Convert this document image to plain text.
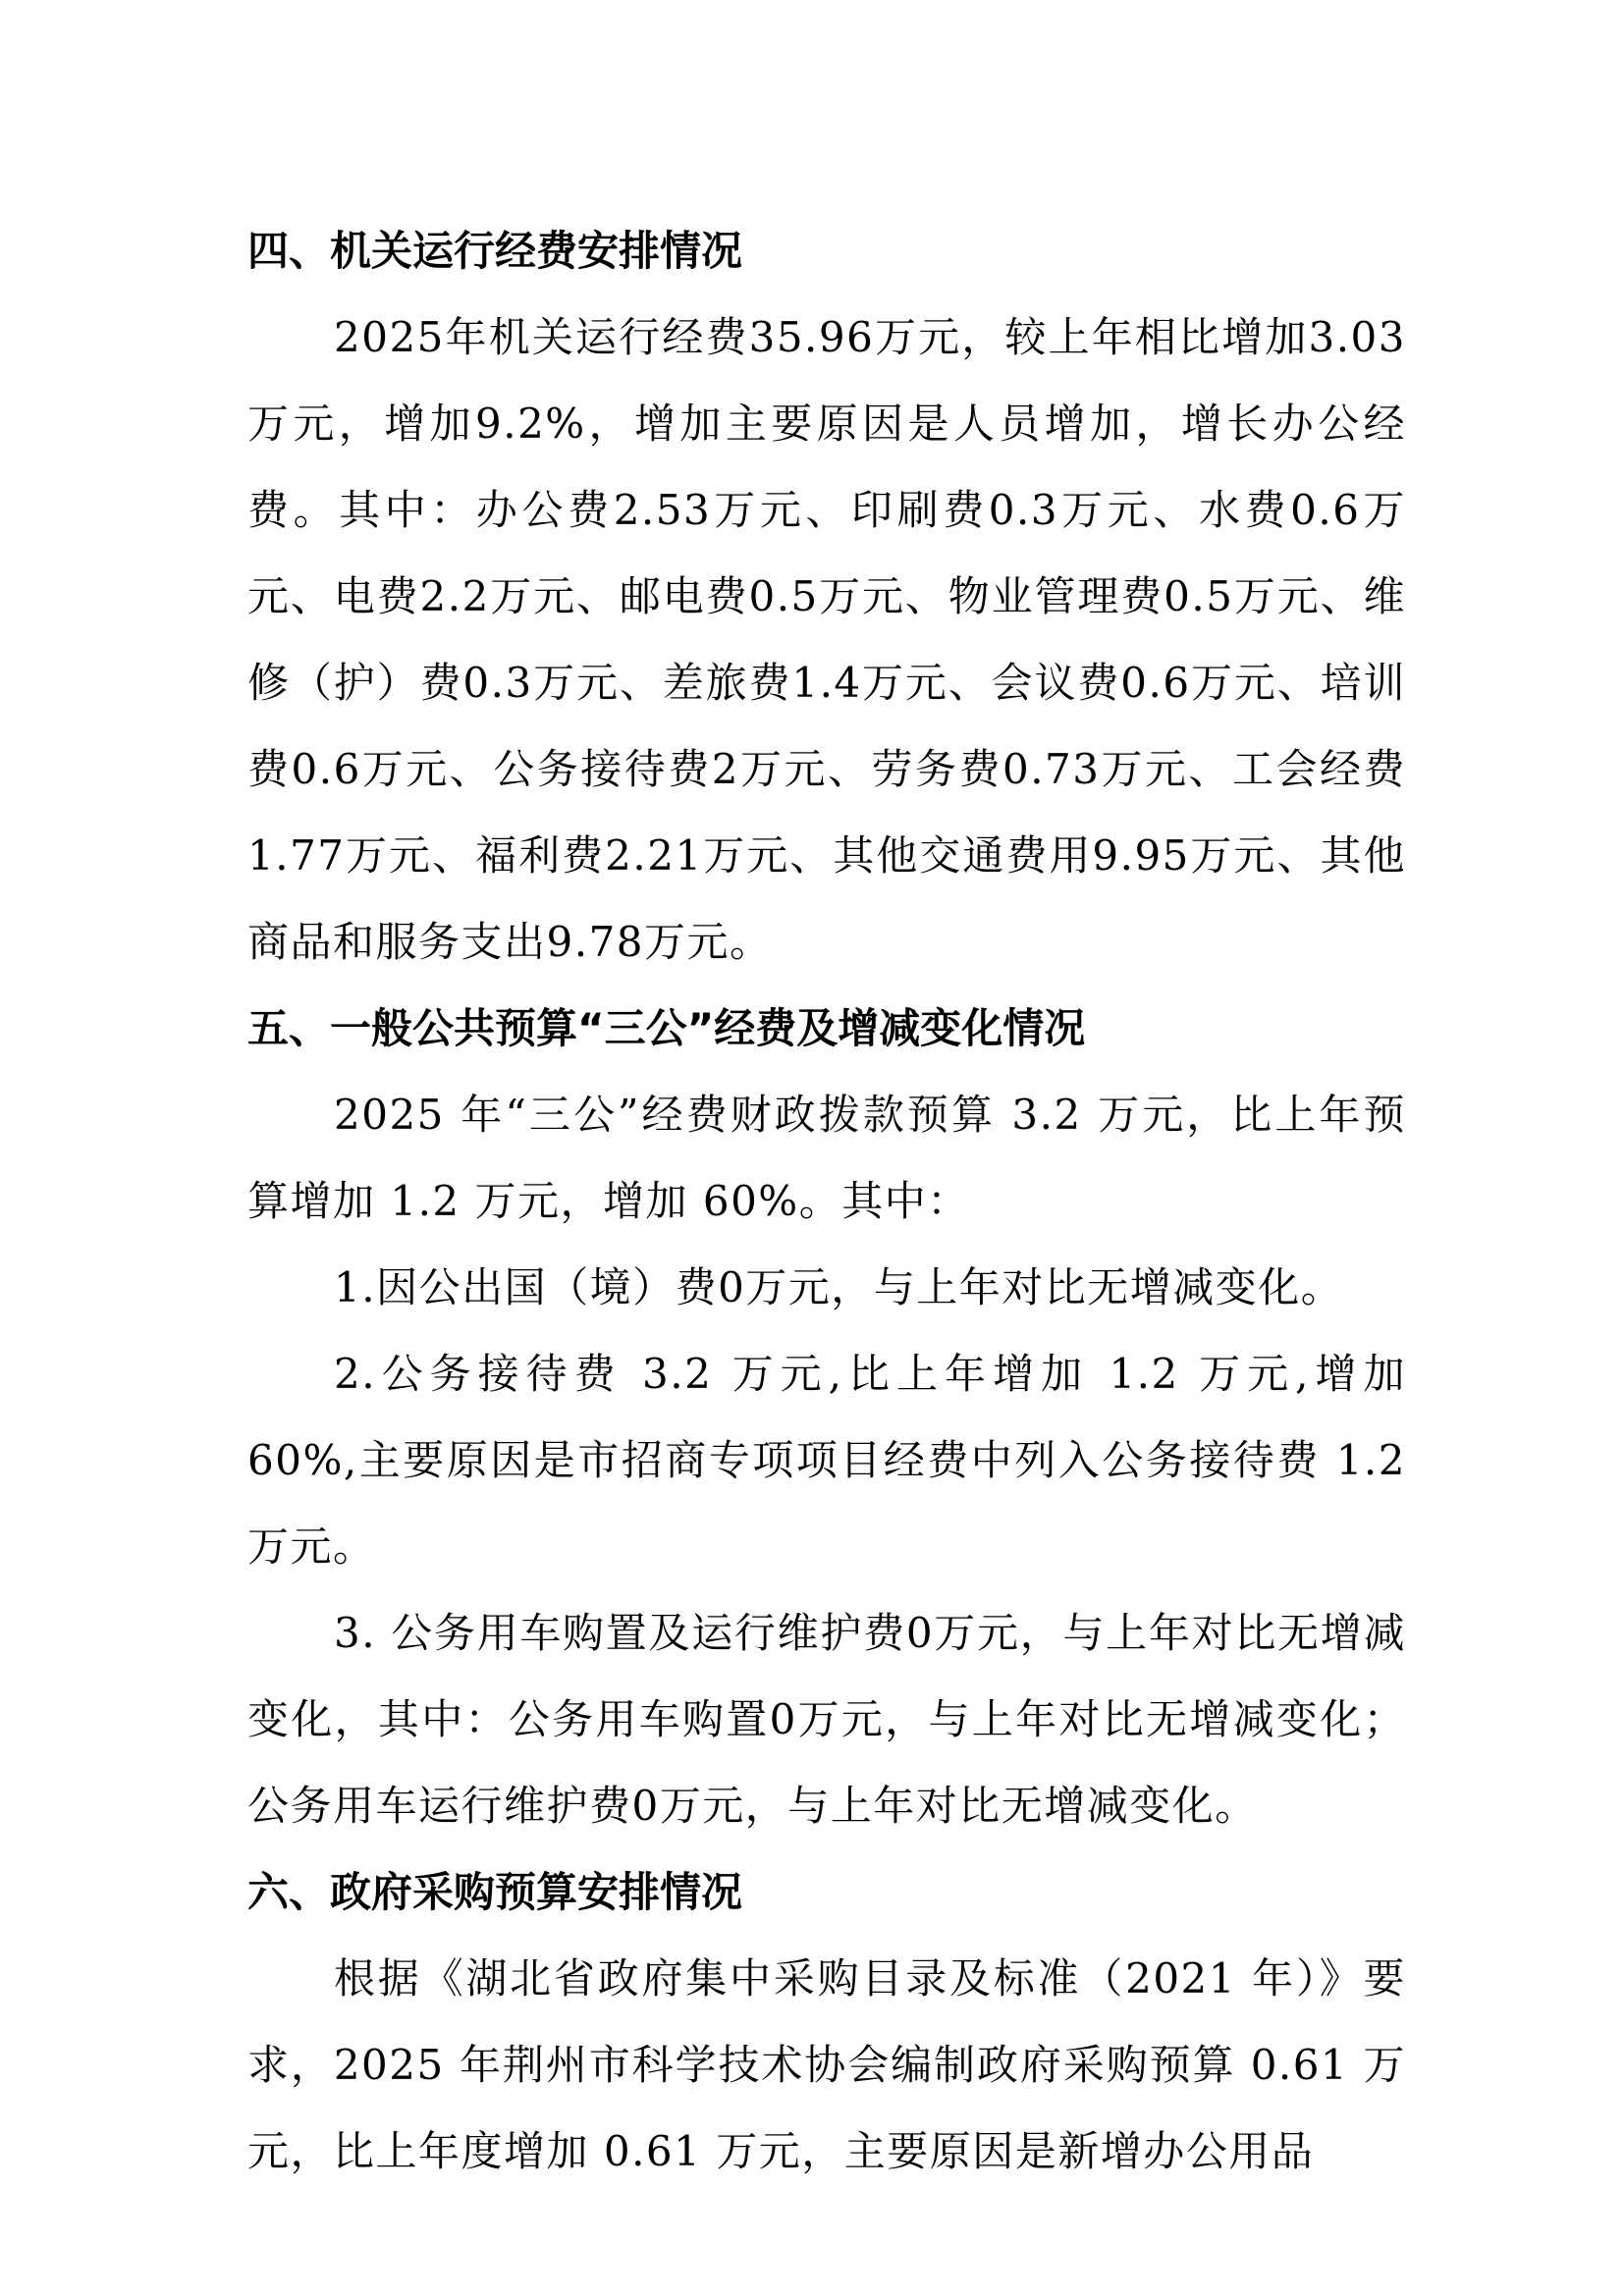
四、机关运行经费安排情况

2025年机关运行经费35.96万元，较上年相比增加3.03万元，增加9.2%，增加主要原因是人员增加，增长办公经费。其中：办公费2.53万元、印刷费0.3万元、水费0.6万元、电费2.2万元、邮电费0.5万元、物业管理费0.5万元、维修（护）费0.3万元、差旅费1.4万元、会议费0.6万元、培训费0.6万元、公务接待费2万元、劳务费0.73万元、工会经费1.77万元、福利费2.21万元、其他交通费用9.95万元、其他商品和服务支出9.78万元。

五、一般公共预算“三公”经费及增减变化情况

2025 年“三公”经费财政拨款预算 3.2 万元，比上年预算增加 1.2 万元，增加 60%。其中：

1.因公出国（境）费0万元，与上年对比无增减变化。

2.公务接待费 3.2 万元,比上年增加 1.2 万元,增加 60%,主要原因是市招商专项项目经费中列入公务接待费 1.2 万元。

3. 公务用车购置及运行维护费0万元，与上年对比无增减变化，其中：公务用车购置0万元，与上年对比无增减变化；公务用车运行维护费0万元，与上年对比无增减变化。

六、政府采购预算安排情况

根据《湖北省政府集中采购目录及标准（2021 年）》要求，2025 年荆州市科学技术协会编制政府采购预算 0.61 万元，比上年度增加 0.61 万元，主要原因是新增办公用品
